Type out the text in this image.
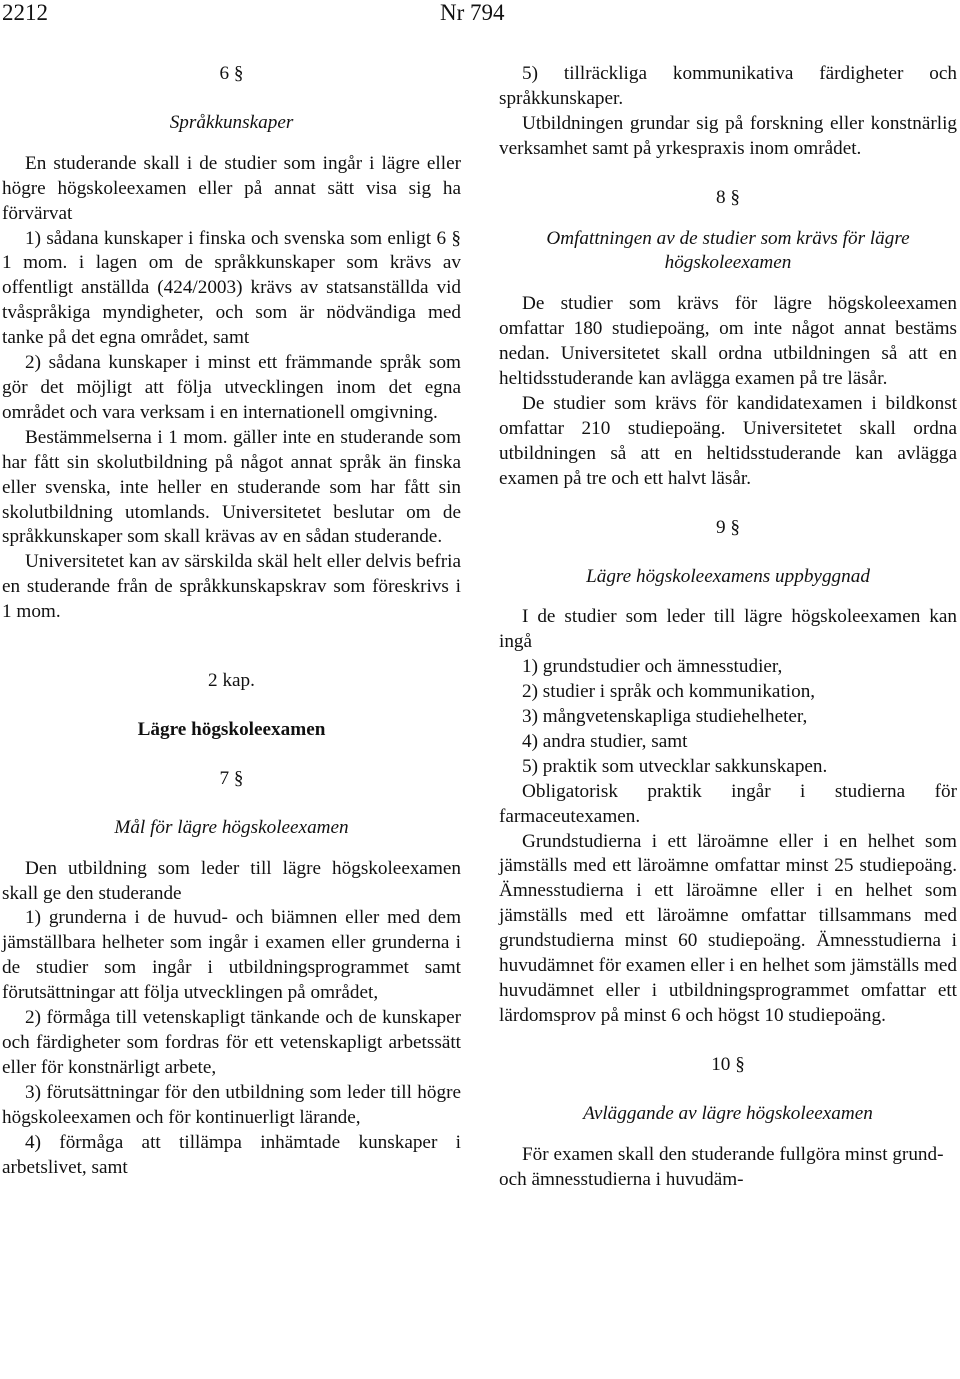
2212	Nr 794

6 §

Språkkunskaper

En studerande skall i de studier som ingår i lägre eller högre högskoleexamen eller på annat sätt visa sig ha förvärvat

1) sådana kunskaper i finska och svenska som enligt 6 § 1 mom. i lagen om de språkkunskaper som krävs av offentligt anställda (424/2003) krävs av statsanställda vid tvåspråkiga myndigheter, och som är nödvändiga med tanke på det egna området, samt

2) sådana kunskaper i minst ett främmande språk som gör det möjligt att följa utvecklingen inom det egna området och vara verksam i en internationell omgivning.

Bestämmelserna i 1 mom. gäller inte en studerande som har fått sin skolutbildning på något annat språk än finska eller svenska, inte heller en studerande som har fått sin skolutbildning utomlands. Universitetet beslutar om de språkkunskaper som skall krävas av en sådan studerande.

Universitetet kan av särskilda skäl helt eller delvis befria en studerande från de språkkunskapskrav som föreskrivs i 1 mom.

2 kap.

Lägre högskoleexamen

7 §

Mål för lägre högskoleexamen

Den utbildning som leder till lägre högskoleexamen skall ge den studerande

1) grunderna i de huvud- och biämnen eller med dem jämställbara helheter som ingår i examen eller grunderna i de studier som ingår i utbildningsprogrammet samt förutsättningar att följa utvecklingen på området,

2) förmåga till vetenskapligt tänkande och de kunskaper och färdigheter som fordras för ett vetenskapligt arbetssätt eller för konstnärligt arbete,

3) förutsättningar för den utbildning som leder till högre högskoleexamen och för kontinuerligt lärande,

4) förmåga att tillämpa inhämtade kunskaper i arbetslivet, samt

5) tillräckliga kommunikativa färdigheter och språkkunskaper.

Utbildningen grundar sig på forskning eller konstnärlig verksamhet samt på yrkespraxis inom området.

8 §

Omfattningen av de studier som krävs för lägre högskoleexamen

De studier som krävs för lägre högskoleexamen omfattar 180 studiepoäng, om inte något annat bestäms nedan. Universitetet skall ordna utbildningen så att en heltidsstuderande kan avlägga examen på tre läsår.

De studier som krävs för kandidatexamen i bildkonst omfattar 210 studiepoäng. Universitetet skall ordna utbildningen så att en heltidsstuderande kan avlägga examen på tre och ett halvt läsår.

9 §

Lägre högskoleexamens uppbyggnad

I de studier som leder till lägre högskoleexamen kan ingå

1) grundstudier och ämnesstudier,

2) studier i språk och kommunikation,

3) mångvetenskapliga studiehelheter,

4) andra studier, samt

5) praktik som utvecklar sakkunskapen.

Obligatorisk praktik ingår i studierna för farmaceutexamen.

Grundstudierna i ett läroämne eller i en helhet som jämställs med ett läroämne omfattar minst 25 studiepoäng. Ämnesstudierna i ett läroämne eller i en helhet som jämställs med ett läroämne omfattar tillsammans med grundstudierna minst 60 studiepoäng. Ämnesstudierna i huvudämnet för examen eller i en helhet som jämställs med huvudämnet eller i utbildningsprogrammet omfattar ett lärdomsprov på minst 6 och högst 10 studiepoäng.

10 §

Avläggande av lägre högskoleexamen

För examen skall den studerande fullgöra minst grund- och ämnesstudierna i huvudäm-
